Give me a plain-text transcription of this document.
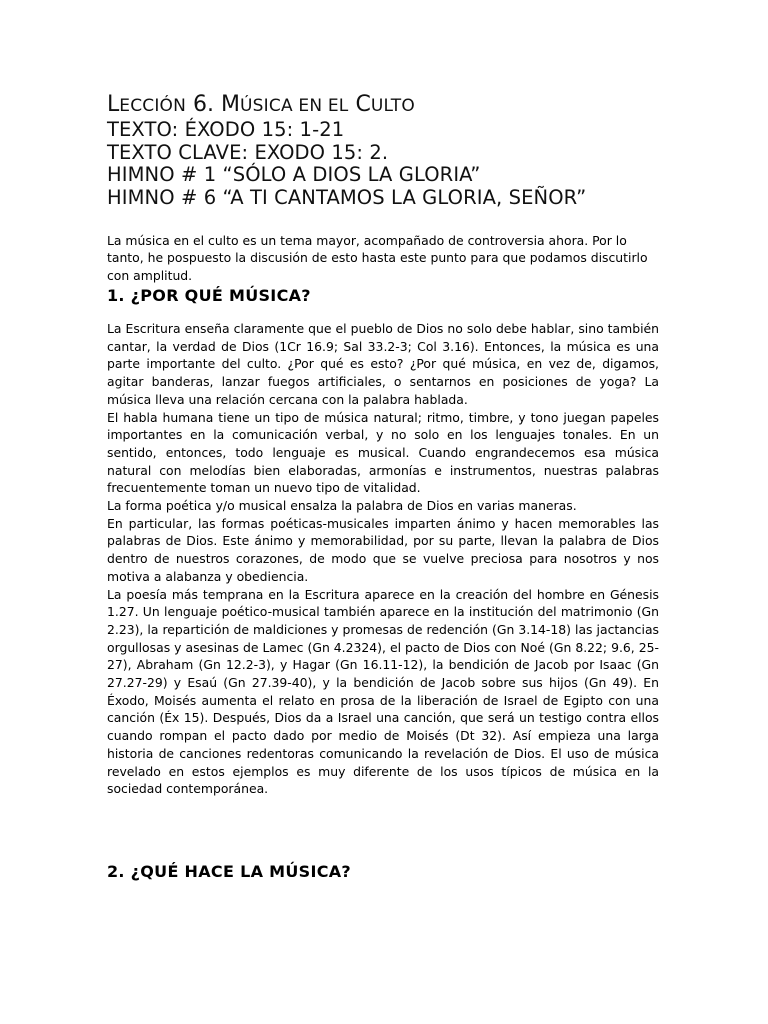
LECCIÓN 6. MÚSICA EN EL CULTO
TEXTO: ÉXODO 15: 1-21
TEXTO CLAVE: EXODO 15: 2.
HIMNO # 1 “SÓLO A DIOS LA GLORIA”
HIMNO # 6 “A TI CANTAMOS LA GLORIA, SEÑOR”

La música en el culto es un tema mayor, acompañado de controversia ahora. Por lo tanto, he pospuesto la discusión de esto hasta este punto para que podamos discutirlo con amplitud.

1. ¿POR QUÉ MÚSICA?

La Escritura enseña claramente que el pueblo de Dios no solo debe hablar, sino también cantar, la verdad de Dios (1Cr 16.9; Sal 33.2-3; Col 3.16). Entonces, la música es una parte importante del culto. ¿Por qué es esto? ¿Por qué música, en vez de, digamos, agitar banderas, lanzar fuegos artificiales, o sentarnos en posiciones de yoga? La música lleva una relación cercana con la palabra hablada.

El habla humana tiene un tipo de música natural; ritmo, timbre, y tono juegan papeles importantes en la comunicación verbal, y no solo en los lenguajes tonales. En un sentido, entonces, todo lenguaje es musical. Cuando engrandecemos esa música natural con melodías bien elaboradas, armonías e instrumentos, nuestras palabras frecuentemente toman un nuevo tipo de vitalidad.

La forma poética y/o musical ensalza la palabra de Dios en varias maneras.

En particular, las formas poéticas-musicales imparten ánimo y hacen memorables las palabras de Dios. Este ánimo y memorabilidad, por su parte, llevan la palabra de Dios dentro de nuestros corazones, de modo que se vuelve preciosa para nosotros y nos motiva a alabanza y obediencia.

La poesía más temprana en la Escritura aparece en la creación del hombre en Génesis 1.27. Un lenguaje poético-musical también aparece en la institución del matrimonio (Gn 2.23), la repartición de maldiciones y promesas de redención (Gn 3.14-18) las jactancias orgullosas y asesinas de Lamec (Gn 4.2324), el pacto de Dios con Noé (Gn 8.22; 9.6, 25-27), Abraham (Gn 12.2-3), y Hagar (Gn 16.11-12), la bendición de Jacob por Isaac (Gn 27.27-29) y Esaú (Gn 27.39-40), y la bendición de Jacob sobre sus hijos (Gn 49). En Éxodo, Moisés aumenta el relato en prosa de la liberación de Israel de Egipto con una canción (Éx 15). Después, Dios da a Israel una canción, que será un testigo contra ellos cuando rompan el pacto dado por medio de Moisés (Dt 32). Así empieza una larga historia de canciones redentoras comunicando la revelación de Dios. El uso de música revelado en estos ejemplos es muy diferente de los usos típicos de música en la sociedad contemporánea.

2. ¿QUÉ HACE LA MÚSICA?
